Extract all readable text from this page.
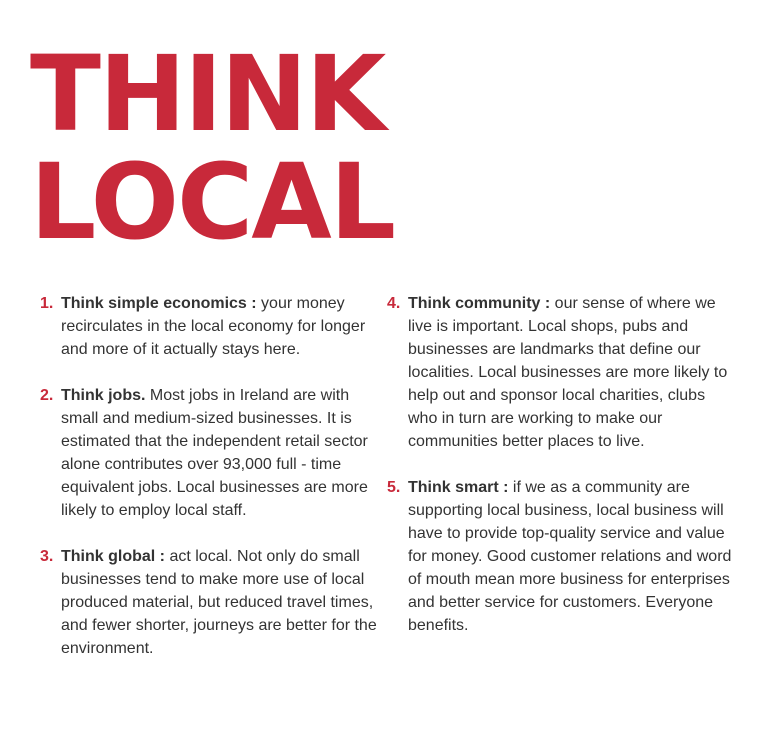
THINK
LOCAL
1. Think simple economics : your money recirculates in the local economy for longer and more of it actually stays here.
2. Think jobs. Most jobs in Ireland are with small and medium-sized businesses. It is estimated that the independent retail sector alone contributes over 93,000 full - time equivalent jobs. Local businesses are more likely to employ local staff.
3. Think global : act local. Not only do small businesses tend to make more use of local produced material, but reduced travel times, and fewer shorter, journeys are better for the environment.
4. Think community : our sense of where we live is important. Local shops, pubs and businesses are landmarks that define our localities. Local businesses are more likely to help out and sponsor local charities, clubs who in turn are working to make our communities better places to live.
5. Think smart : if we as a community are supporting local business, local business will have to provide top-quality service and value for money. Good customer relations and word of mouth mean more business for enterprises and better service for customers. Everyone benefits.
